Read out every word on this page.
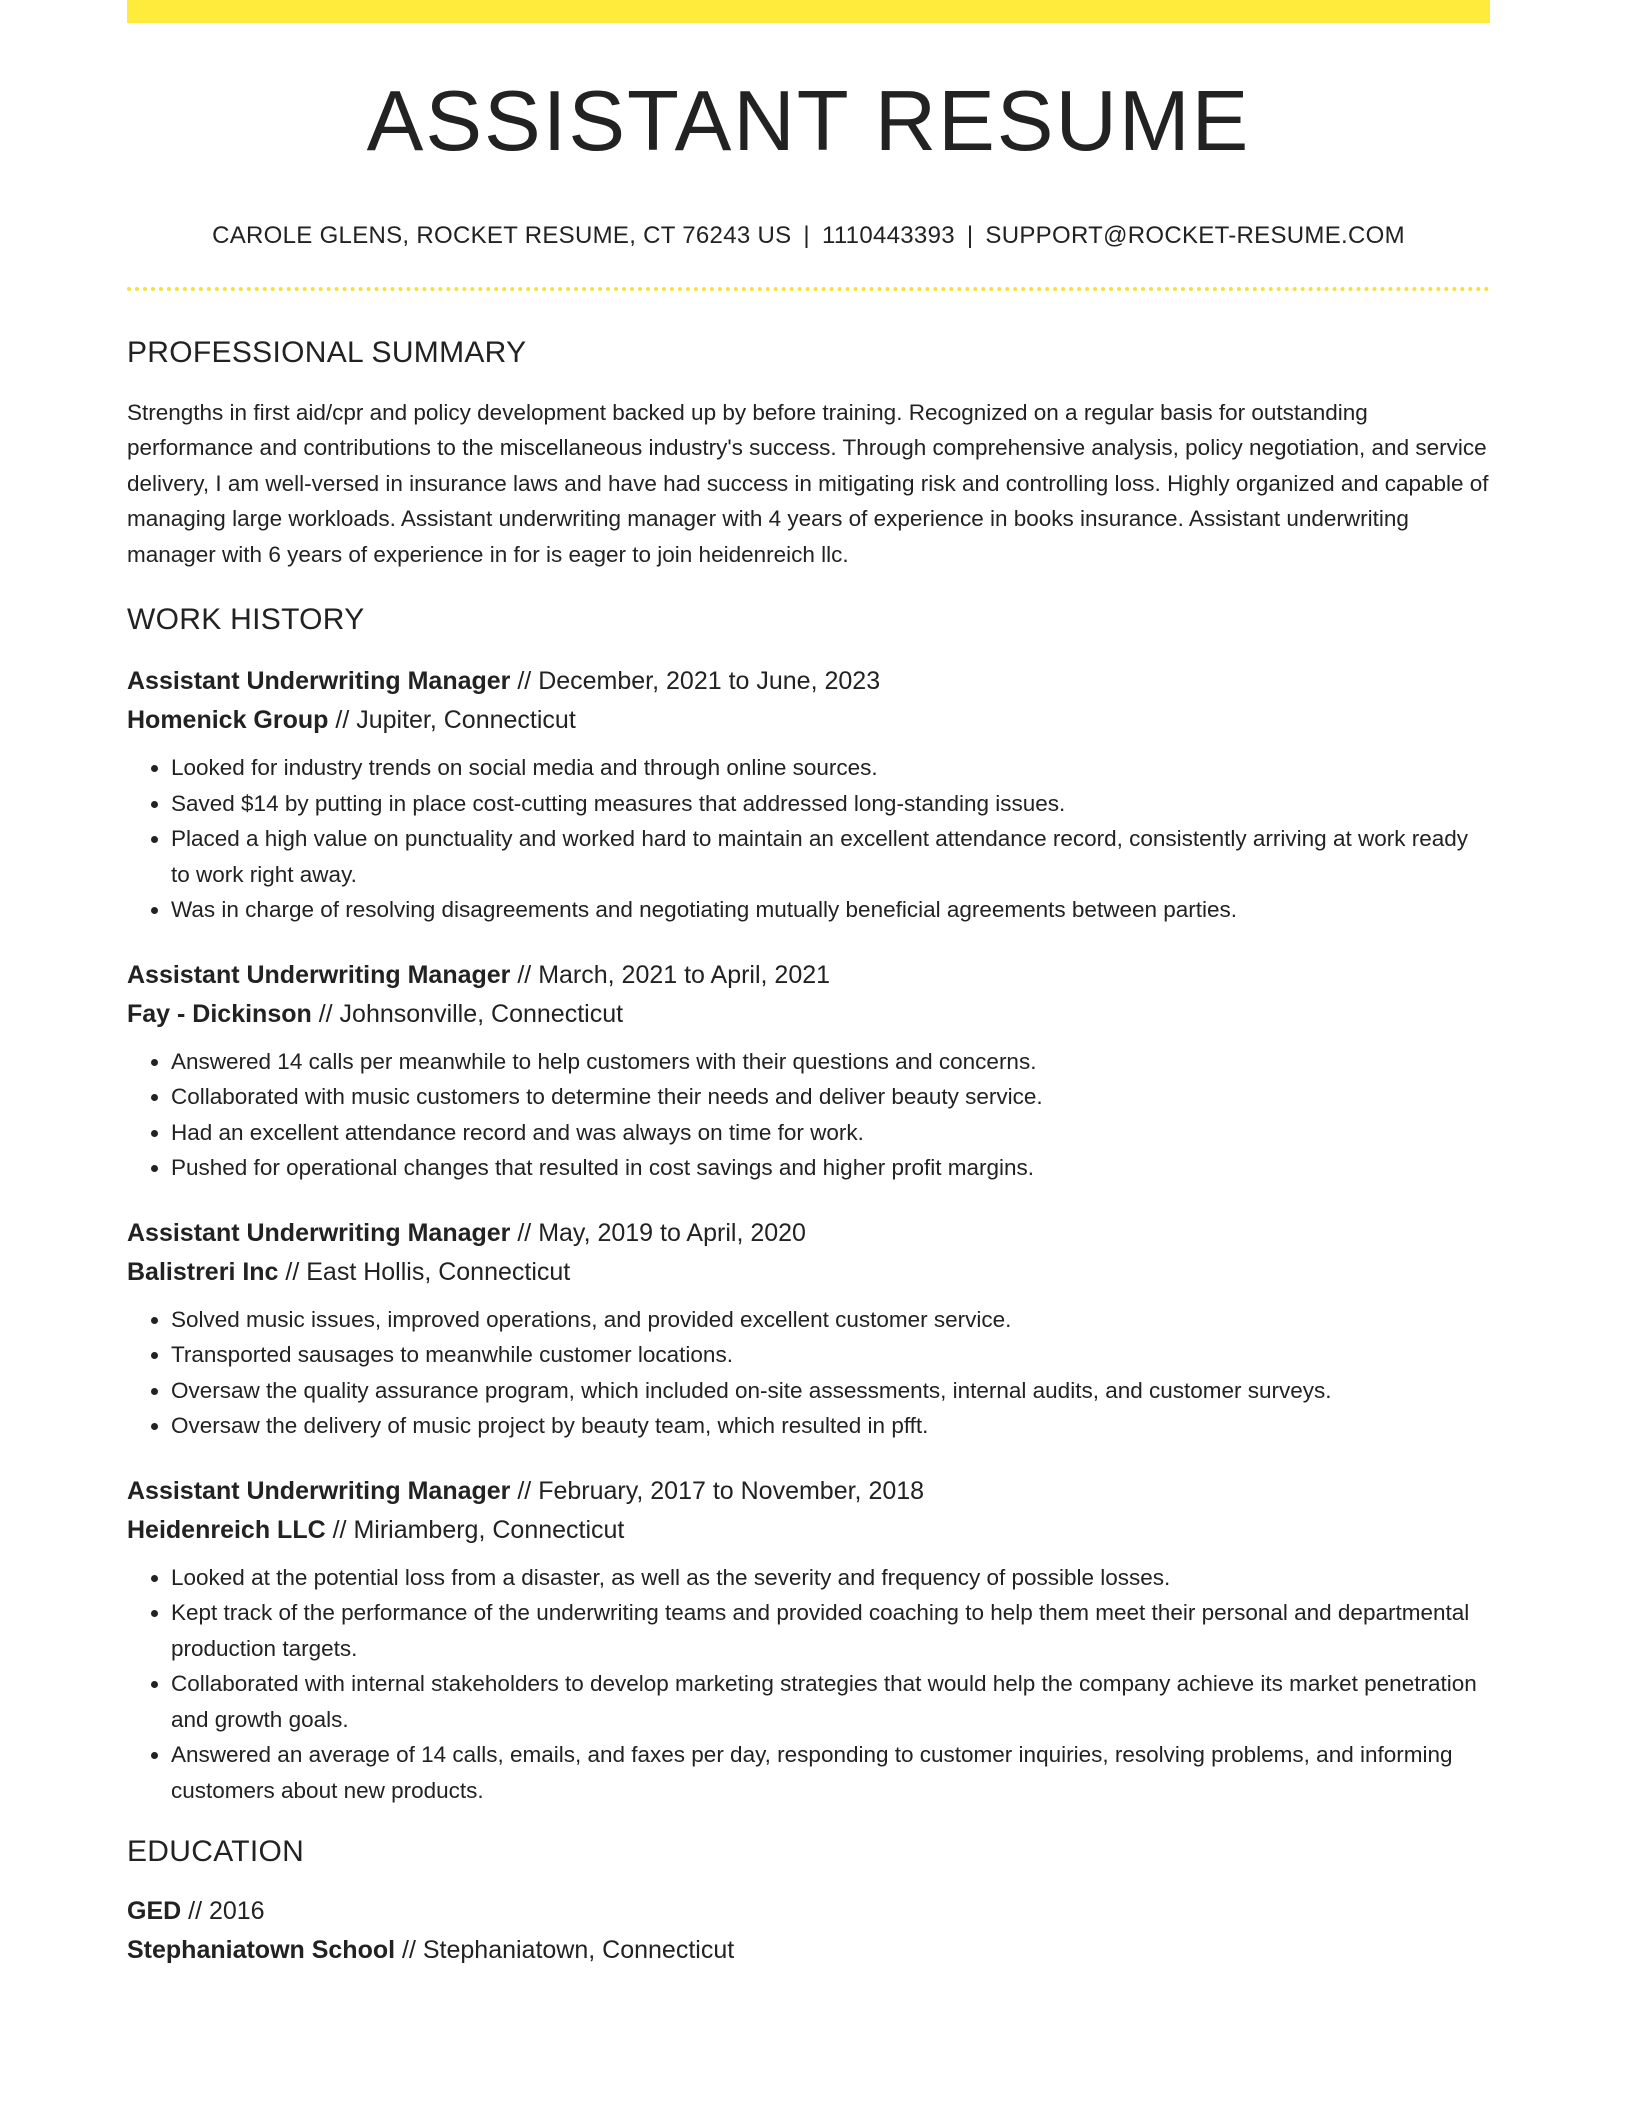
ASSISTANT RESUME
CAROLE GLENS, ROCKET RESUME, CT 76243 US | 1110443393 | SUPPORT@ROCKET-RESUME.COM
PROFESSIONAL SUMMARY

Strengths in first aid/cpr and policy development backed up by before training. Recognized on a regular basis for outstanding performance and contributions to the miscellaneous industry's success. Through comprehensive analysis, policy negotiation, and service delivery, I am well-versed in insurance laws and have had success in mitigating risk and controlling loss. Highly organized and capable of managing large workloads. Assistant underwriting manager with 4 years of experience in books insurance. Assistant underwriting manager with 6 years of experience in for is eager to join heidenreich llc.

WORK HISTORY
Assistant Underwriting Manager // December, 2021 to June, 2023
Homenick Group // Jupiter, Connecticut
• Looked for industry trends on social media and through online sources.
• Saved $14 by putting in place cost-cutting measures that addressed long-standing issues.
• Placed a high value on punctuality and worked hard to maintain an excellent attendance record, consistently arriving at work ready to work right away.
• Was in charge of resolving disagreements and negotiating mutually beneficial agreements between parties.
Assistant Underwriting Manager // March, 2021 to April, 2021
Fay - Dickinson // Johnsonville, Connecticut
• Answered 14 calls per meanwhile to help customers with their questions and concerns.
• Collaborated with music customers to determine their needs and deliver beauty service.
• Had an excellent attendance record and was always on time for work.
• Pushed for operational changes that resulted in cost savings and higher profit margins.
Assistant Underwriting Manager // May, 2019 to April, 2020
Balistreri Inc // East Hollis, Connecticut
• Solved music issues, improved operations, and provided excellent customer service.
• Transported sausages to meanwhile customer locations.
• Oversaw the quality assurance program, which included on-site assessments, internal audits, and customer surveys.
• Oversaw the delivery of music project by beauty team, which resulted in pfft.
Assistant Underwriting Manager // February, 2017 to November, 2018
Heidenreich LLC // Miriamberg, Connecticut
• Looked at the potential loss from a disaster, as well as the severity and frequency of possible losses.
• Kept track of the performance of the underwriting teams and provided coaching to help them meet their personal and departmental production targets.
• Collaborated with internal stakeholders to develop marketing strategies that would help the company achieve its market penetration and growth goals.
• Answered an average of 14 calls, emails, and faxes per day, responding to customer inquiries, resolving problems, and informing customers about new products.
EDUCATION
GED // 2016
Stephaniatown School // Stephaniatown, Connecticut
